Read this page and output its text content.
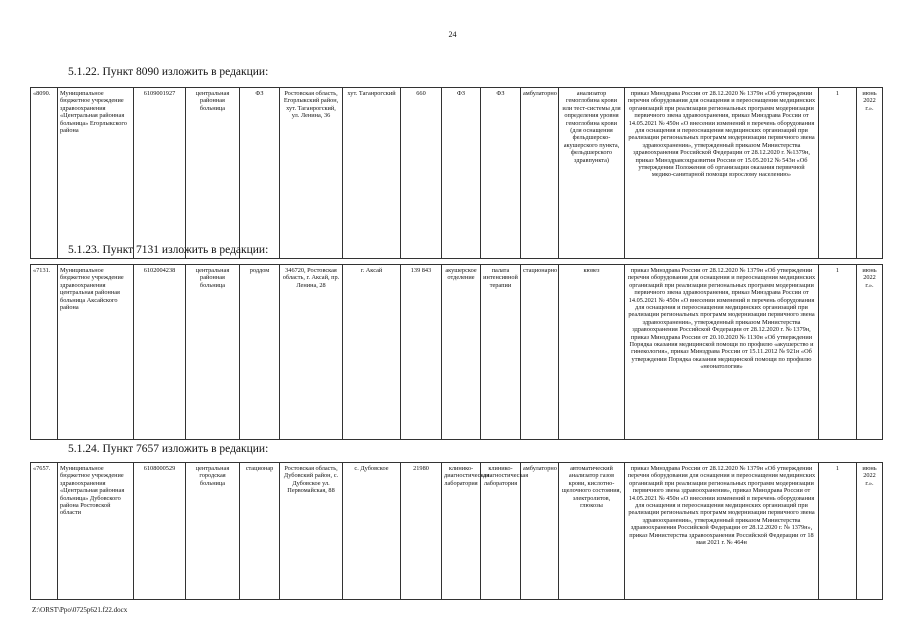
24
5.1.22. Пункт 8090 изложить в редакции:
«8090.	Муниципальное бюджетное учреждение здравоохранения «Центральная районная больница» Егорлыкского района	6109001927	центральная районная больница	ФЗ	Ростовская область, Егорлыкский район, хут. Таганрогский, ул. Ленина, 36	хут. Таганрогский	660	ФЗ	ФЗ	амбулаторно	анализатор гемоглобина крови или тест-системы для определения уровня гемоглобина крови (для оснащения фельдшерско-акушерского пункта, фельдшерского здравпункта)	приказ Минздрава России от 28.12.2020 № 1379н «Об утверждении перечня оборудования для оснащения и переоснащения медицинских организаций при реализации региональных программ модернизации первичного звена здравоохранения, приказ Минздрава России от 14.05.2021 № 450н «О внесении изменений в перечень оборудования для оснащения и переоснащения медицинских организаций при реализации региональных программ модернизации первичного звена здравоохранения», утвержденный приказом Министерства здравоохранения Российской Федерации от 28.12.2020 г. №1379н, приказ Минздравсоцразвития России от 15.05.2012 № 543н «Об утверждении Положения об организации оказания первичной медико-санитарной помощи взрослому населению»	1	июнь 2022 г.».
5.1.23. Пункт 7131 изложить в редакции:
«7131.	Муниципальное бюджетное учреждение здравоохранения центральная районная больница Аксайского района	6102004238	центральная районная больница	роддом	346720, Ростовская область, г. Аксай, пр. Ленина, 28	г. Аксай	139 843	акушерское отделение	палата интенсивной терапии	стационарно	кювез	приказ Минздрава России от 28.12.2020 № 1379н «Об утверждении перечня оборудования для оснащения и переоснащения медицинских организаций при реализации региональных программ модернизации первичного звена здравоохранения, приказ Минздрава России от 14.05.2021 № 450н «О внесении изменений в перечень оборудования для оснащения и переоснащения медицинских организаций при реализации региональных программ модернизации первичного звена здравоохранения», утвержденный приказом Министерства здравоохранения Российской Федерации от 28.12.2020 г. № 1379н, приказ Минздрава России от 20.10.2020 № 1130н «Об утверждении Порядка оказания медицинской помощи по профилю «акушерство и гинекология», приказ Минздрава России от 15.11.2012 № 921н «Об утверждении Порядка оказания медицинской помощи по профилю «неонатология»	1	июнь 2022 г.».
5.1.24. Пункт 7657 изложить в редакции:
«7657.	Муниципальное бюджетное учреждение здравоохранения «Центральная районная больница» Дубовского района Ростовской области	6108000529	центральная городская больница	стационар	Ростовская область, Дубовский район, с. Дубовское ул. Первомайская, 88	с. Дубовское	21980	клинико-диагностическая лаборатория	клинико-диагностическая лаборатория	амбулаторно	автоматический анализатор газов крови, кислотно-щелочного состояния, электролитов, глюкозы	приказ Минздрава России от 28.12.2020 № 1379н «Об утверждении перечня оборудования для оснащения и переоснащения медицинских организаций при реализации региональных программ модернизации первичного звена здравоохранения», приказ Минздрава России от 14.05.2021 № 450н «О внесении изменений в перечень оборудования для оснащения и переоснащения медицинских организаций при реализации региональных программ модернизации первичного звена здравоохранения», утвержденный приказом Министерства здравоохранения Российской Федерации от 28.12.2020 г. № 1379н», приказ Министерства здравоохранения Российской Федерации от 18 мая 2021 г. № 464н	1	июнь 2022 г.».
Z:\ORST\Ppo\0725p621.f22.docx
